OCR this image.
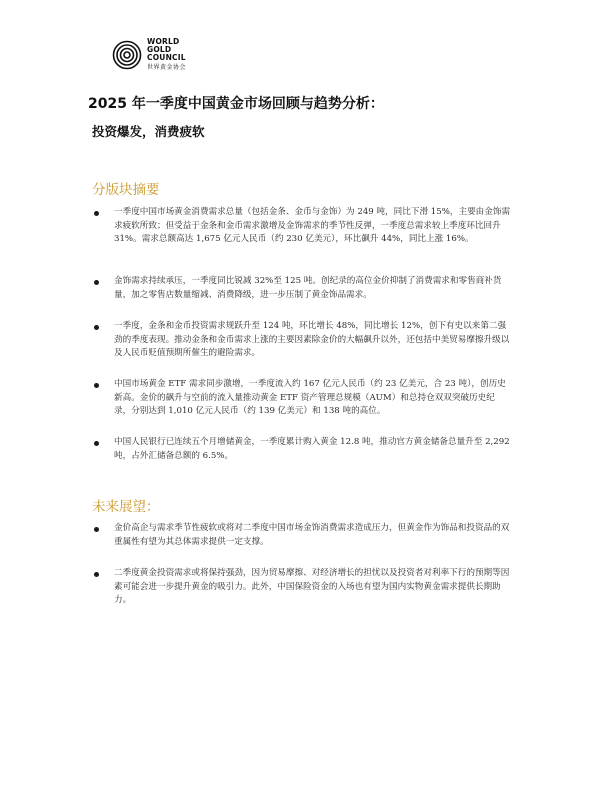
WORLD
GOLD
COUNCIL
世界黄金协会
2025 年一季度中国黄金市场回顾与趋势分析：
投资爆发，消费疲软
分版块摘要
一季度中国市场黄金消费需求总量（包括金条、金币与金饰）为 249 吨，同比下滑 15%，主要由金饰需求疲软所致；但受益于金条和金币需求激增及金饰需求的季节性反弹，一季度总需求较上季度环比回升 31%。需求总额高达 1,675 亿元人民币（约 230 亿美元），环比飙升 44%，同比上涨 16%。
金饰需求持续承压，一季度同比锐减 32%至 125 吨。创纪录的高位金价抑制了消费需求和零售商补货量，加之零售店数量缩减、消费降级，进一步压制了黄金饰品需求。
一季度，金条和金币投资需求规跃升至 124 吨，环比增长 48%，同比增长 12%，创下有史以来第二强劲的季度表现。推动金条和金币需求上涨的主要因素除金价的大幅飙升以外，还包括中美贸易摩擦升级以及人民币贬值预期所催生的避险需求。
中国市场黄金 ETF 需求同步激增，一季度流入约 167 亿元人民币（约 23 亿美元，合 23 吨），创历史新高。金价的飙升与空前的流入量推动黄金 ETF 资产管理总规模（AUM）和总持仓双双突破历史纪录，分别达到 1,010 亿元人民币（约 139 亿美元）和 138 吨的高位。
中国人民银行已连续五个月增储黄金，一季度累计购入黄金 12.8 吨，推动官方黄金储备总量升至 2,292 吨，占外汇储备总额的 6.5%。
未来展望：
金价高企与需求季节性疲软或将对二季度中国市场金饰消费需求造成压力，但黄金作为饰品和投资品的双重属性有望为其总体需求提供一定支撑。
二季度黄金投资需求或将保持强劲，因为贸易摩擦、对经济增长的担忧以及投资者对利率下行的预期等因素可能会进一步提升黄金的吸引力。此外，中国保险资金的入场也有望为国内实物黄金需求提供长期助力。
